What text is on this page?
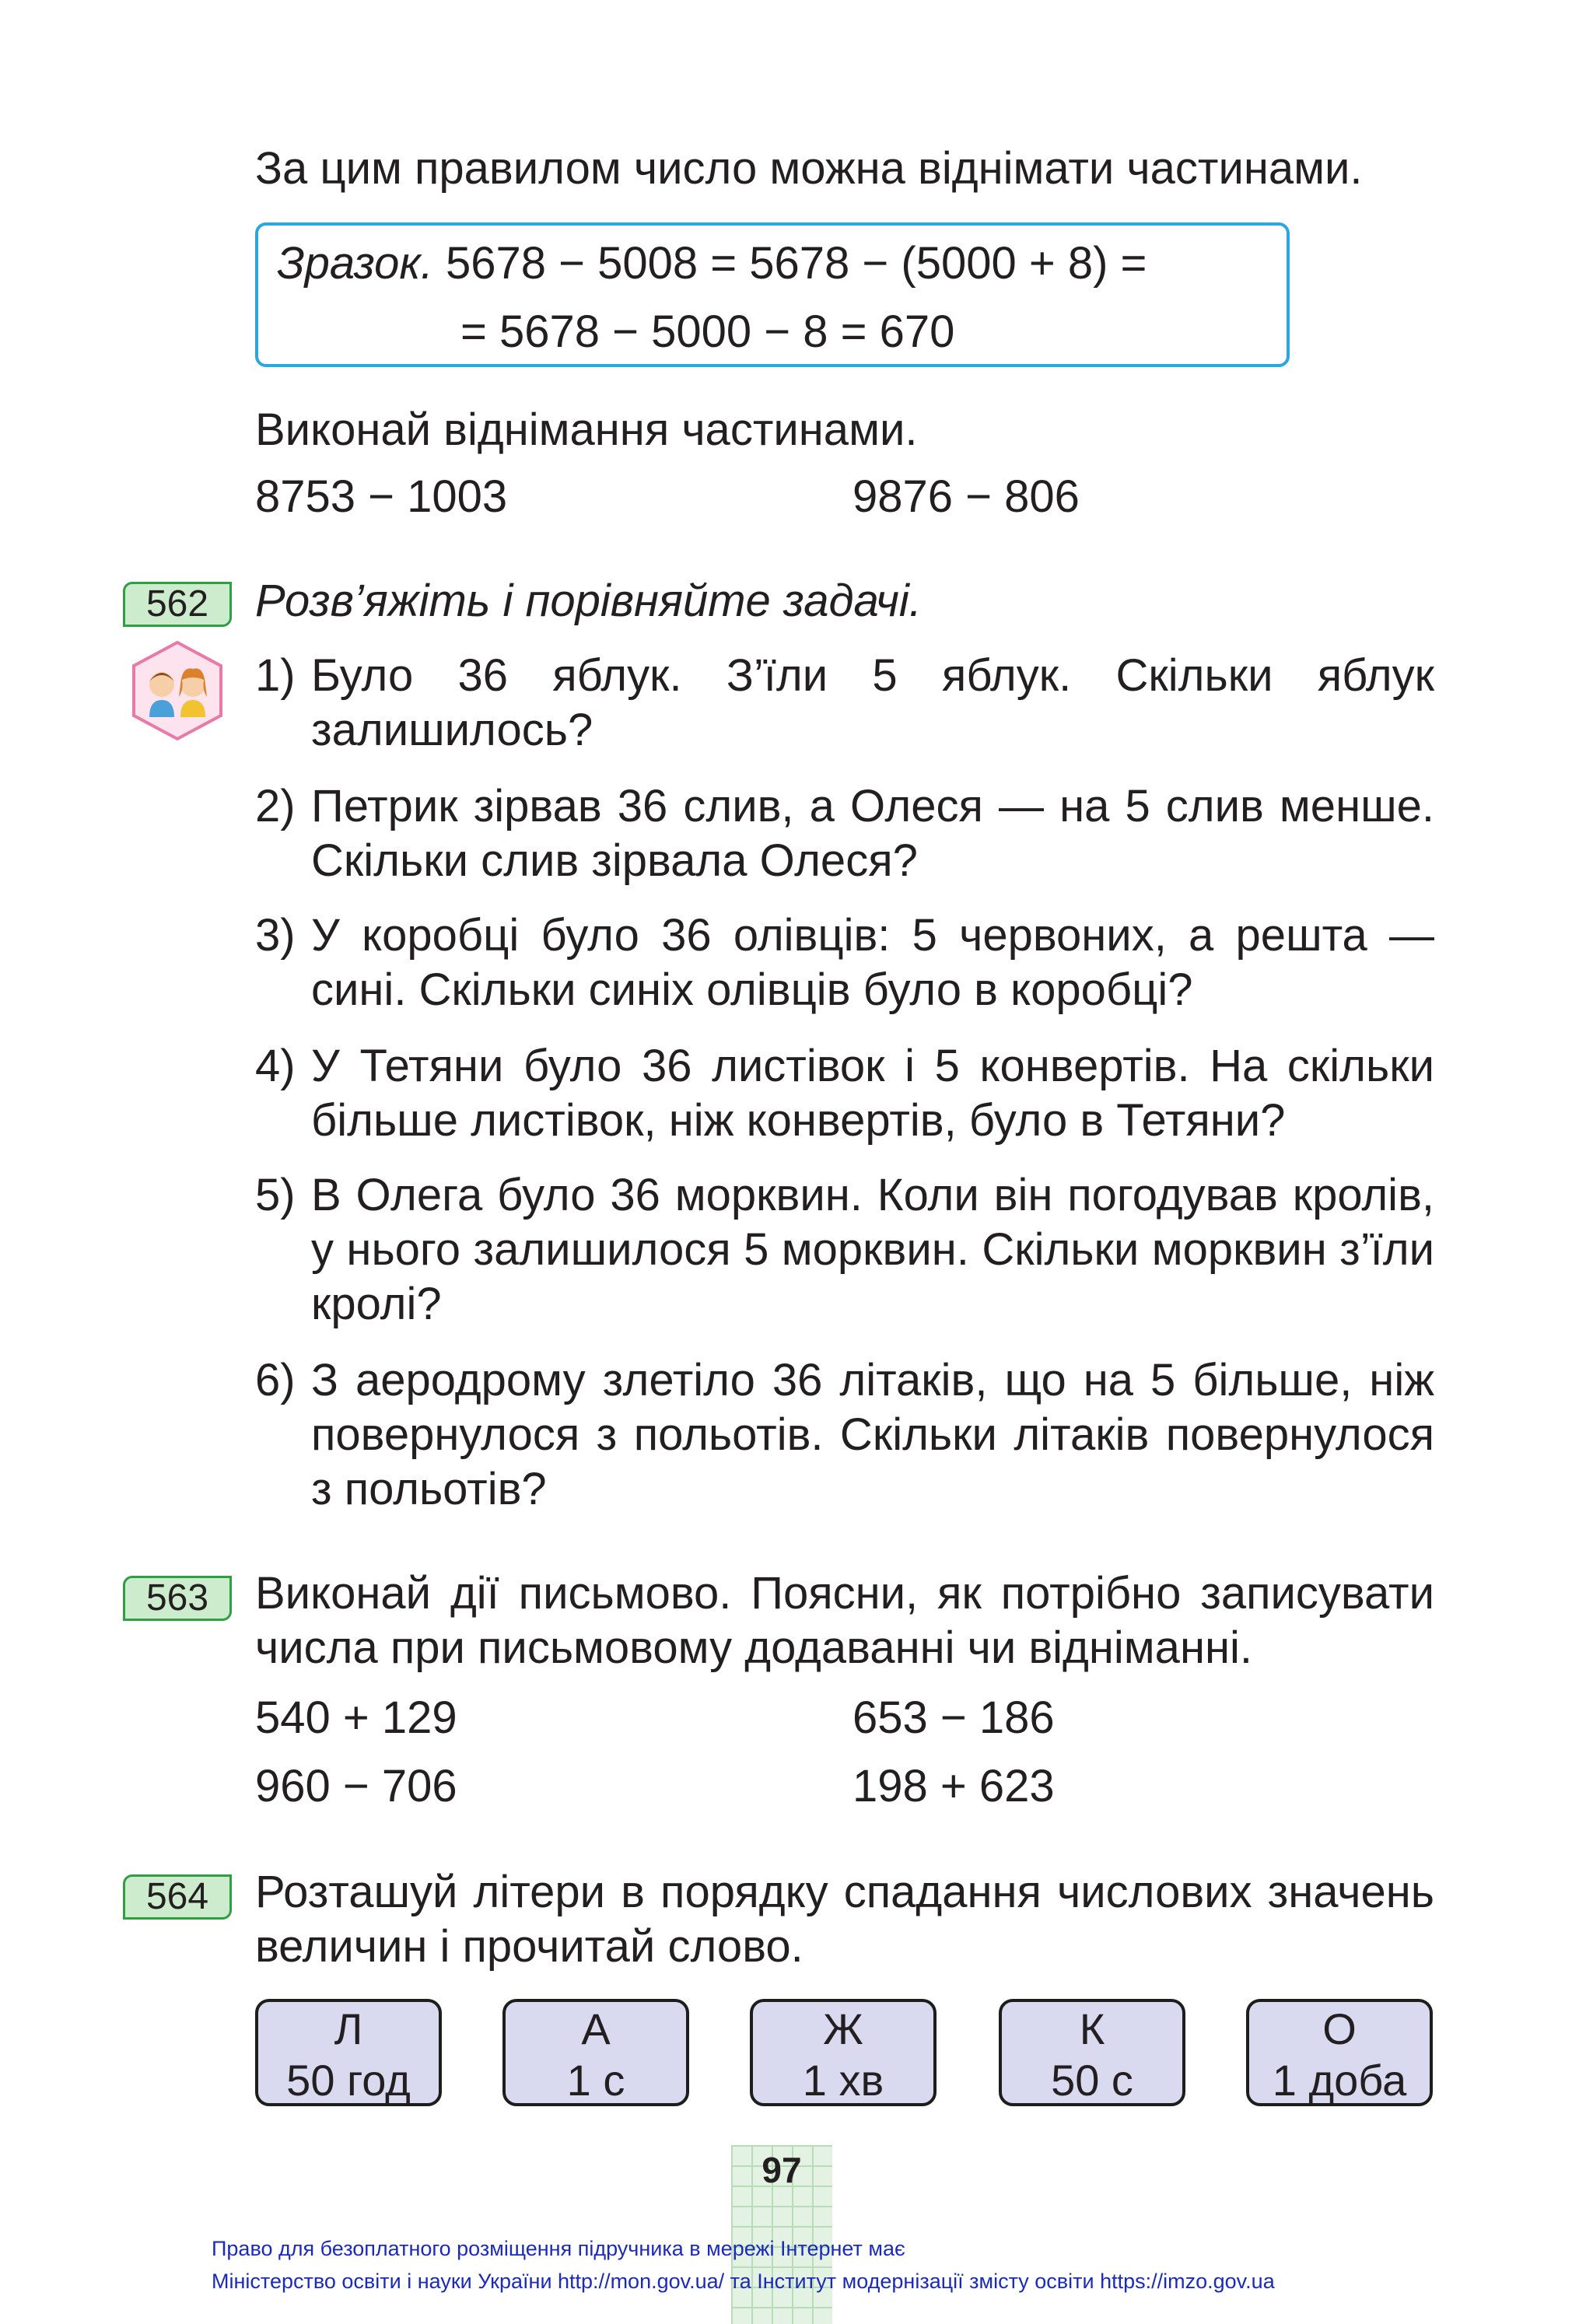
За цим правилом число можна віднімати частинами.
Зразок. 5678 − 5008 = 5678 − (5000 + 8) =
= 5678 − 5000 − 8 = 670
Виконай віднімання частинами.
8753 − 1003	9876 − 806
562	Розв’яжіть і порівняйте задачі.
1) Було 36 яблук. З’їли 5 яблук. Скільки яблук залишилось?
2) Петрик зірвав 36 слив, а Олеся — на 5 слив менше. Скільки слив зірвала Олеся?
3) У коробці було 36 олівців: 5 червоних, а решта — сині. Скільки синіх олівців було в коробці?
4) У Тетяни було 36 листівок і 5 конвертів. На скільки більше листівок, ніж конвертів, було в Тетяни?
5) В Олега було 36 морквин. Коли він погодував кролів, у нього залишилося 5 морквин. Скільки морквин з’їли кролі?
6) З аеродрому злетіло 36 літаків, що на 5 більше, ніж повернулося з польотів. Скільки літаків повернулося з польотів?
563	Виконай дії письмово. Поясни, як потрібно записувати числа при письмовому додаванні чи відніманні.
540 + 129	653 − 186
960 − 706	198 + 623
564	Розташуй літери в порядку спадання числових значень величин і прочитай слово.
Л
50 год
А
1 с
Ж
1 хв
К
50 с
О
1 доба
97
Право для безоплатного розміщення підручника в мережі Інтернет має
Міністерство освіти і науки України http://mon.gov.ua/ та Інститут модернізації змісту освіти https://imzo.gov.ua
